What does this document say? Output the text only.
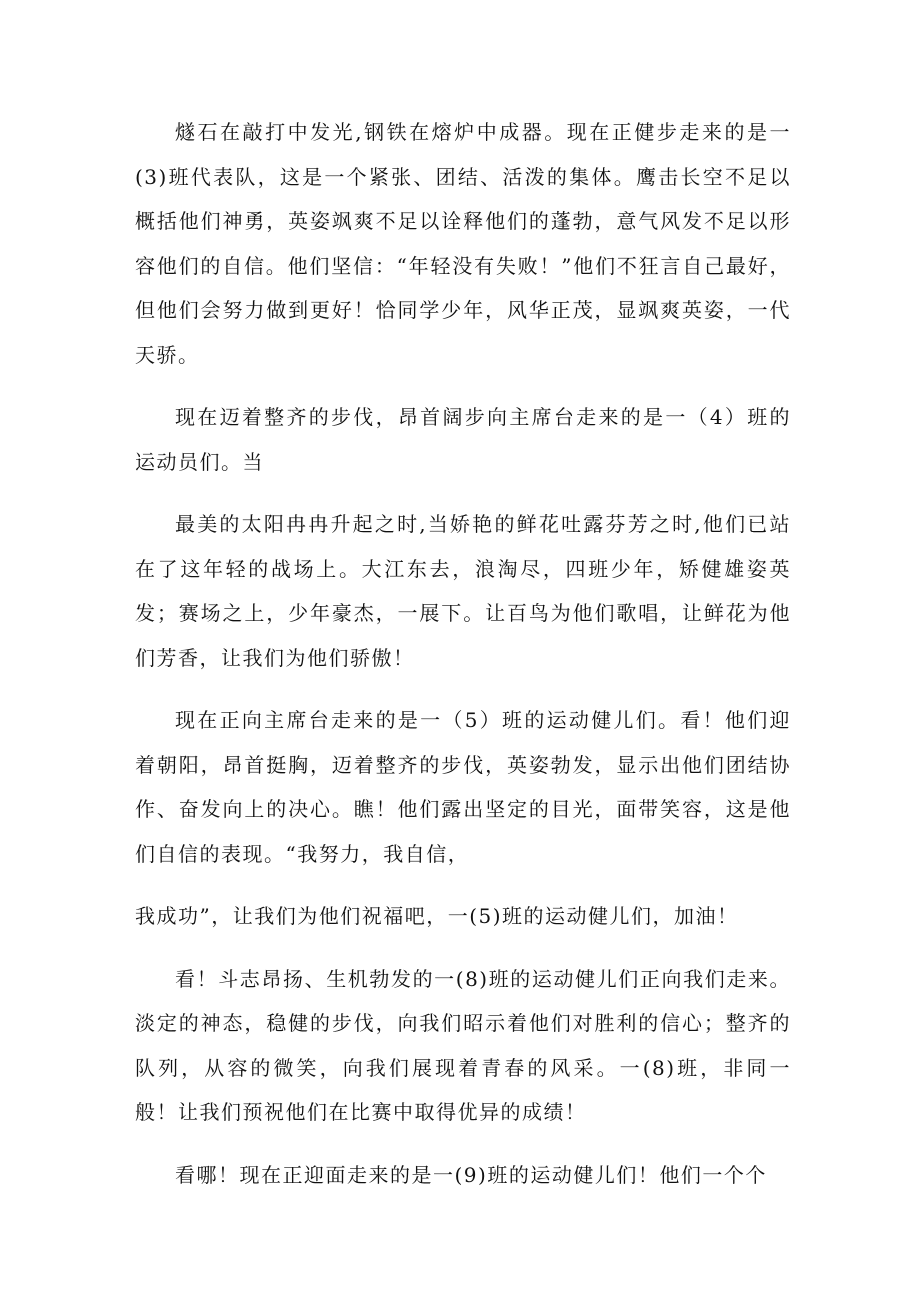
燧石在敲打中发光,钢铁在熔炉中成器。现在正健步走来的是一(3)班代表队，这是一个紧张、团结、活泼的集体。鹰击长空不足以概括他们神勇，英姿飒爽不足以诠释他们的蓬勃，意气风发不足以形容他们的自信。他们坚信：“年轻没有失败！”他们不狂言自己最好，但他们会努力做到更好！恰同学少年，风华正茂，显飒爽英姿，一代天骄。

现在迈着整齐的步伐，昂首阔步向主席台走来的是一（4）班的运动员们。当

最美的太阳冉冉升起之时,当娇艳的鲜花吐露芬芳之时,他们已站在了这年轻的战场上。大江东去，浪淘尽，四班少年，矫健雄姿英发；赛场之上，少年豪杰，一展下。让百鸟为他们歌唱，让鲜花为他们芳香，让我们为他们骄傲！

现在正向主席台走来的是一（5）班的运动健儿们。看！他们迎着朝阳，昂首挺胸，迈着整齐的步伐，英姿勃发，显示出他们团结协作、奋发向上的决心。瞧！他们露出坚定的目光，面带笑容，这是他们自信的表现。“我努力，我自信，

我成功”，让我们为他们祝福吧，一(5)班的运动健儿们，加油！

看！斗志昂扬、生机勃发的一(8)班的运动健儿们正向我们走来。淡定的神态，稳健的步伐，向我们昭示着他们对胜利的信心；整齐的队列，从容的微笑，向我们展现着青春的风采。一(8)班，非同一般！让我们预祝他们在比赛中取得优异的成绩！

看哪！现在正迎面走来的是一(9)班的运动健儿们！他们一个个
